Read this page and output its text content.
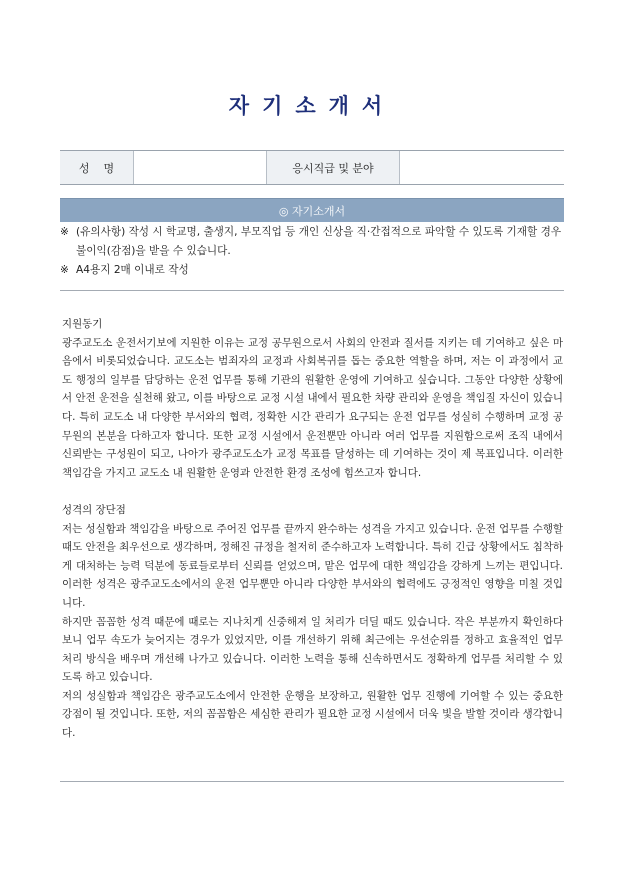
자기소개서
성명	응시직급 및 분야
◎ 자기소개서
※ (유의사항) 작성 시 학교명, 출생지, 부모직업 등 개인 신상을 직·간접적으로 파악할 수 있도록 기재할 경우 불이익(감점)을 받을 수 있습니다.
※ A4용지 2매 이내로 작성
지원동기

광주교도소 운전서기보에 지원한 이유는 교정 공무원으로서 사회의 안전과 질서를 지키는 데 기여하고 싶은 마음에서 비롯되었습니다. 교도소는 범죄자의 교정과 사회복귀를 돕는 중요한 역할을 하며, 저는 이 과정에서 교도 행정의 일부를 담당하는 운전 업무를 통해 기관의 원활한 운영에 기여하고 싶습니다. 그동안 다양한 상황에서 안전 운전을 실천해 왔고, 이를 바탕으로 교정 시설 내에서 필요한 차량 관리와 운영을 책임질 자신이 있습니다. 특히 교도소 내 다양한 부서와의 협력, 정확한 시간 관리가 요구되는 운전 업무를 성실히 수행하며 교정 공무원의 본분을 다하고자 합니다. 또한 교정 시설에서 운전뿐만 아니라 여러 업무를 지원함으로써 조직 내에서 신뢰받는 구성원이 되고, 나아가 광주교도소가 교정 목표를 달성하는 데 기여하는 것이 제 목표입니다. 이러한 책임감을 가지고 교도소 내 원활한 운영과 안전한 환경 조성에 힘쓰고자 합니다.

성격의 장단점

저는 성실함과 책임감을 바탕으로 주어진 업무를 끝까지 완수하는 성격을 가지고 있습니다. 운전 업무를 수행할 때도 안전을 최우선으로 생각하며, 정해진 규정을 철저히 준수하고자 노력합니다. 특히 긴급 상황에서도 침착하게 대처하는 능력 덕분에 동료들로부터 신뢰를 얻었으며, 맡은 업무에 대한 책임감을 강하게 느끼는 편입니다. 이러한 성격은 광주교도소에서의 운전 업무뿐만 아니라 다양한 부서와의 협력에도 긍정적인 영향을 미칠 것입니다.

하지만 꼼꼼한 성격 때문에 때로는 지나치게 신중해져 일 처리가 더딜 때도 있습니다. 작은 부분까지 확인하다 보니 업무 속도가 늦어지는 경우가 있었지만, 이를 개선하기 위해 최근에는 우선순위를 정하고 효율적인 업무 처리 방식을 배우며 개선해 나가고 있습니다. 이러한 노력을 통해 신속하면서도 정확하게 업무를 처리할 수 있도록 하고 있습니다.

저의 성실함과 책임감은 광주교도소에서 안전한 운행을 보장하고, 원활한 업무 진행에 기여할 수 있는 중요한 강점이 될 것입니다. 또한, 저의 꼼꼼함은 세심한 관리가 필요한 교정 시설에서 더욱 빛을 발할 것이라 생각합니다.
